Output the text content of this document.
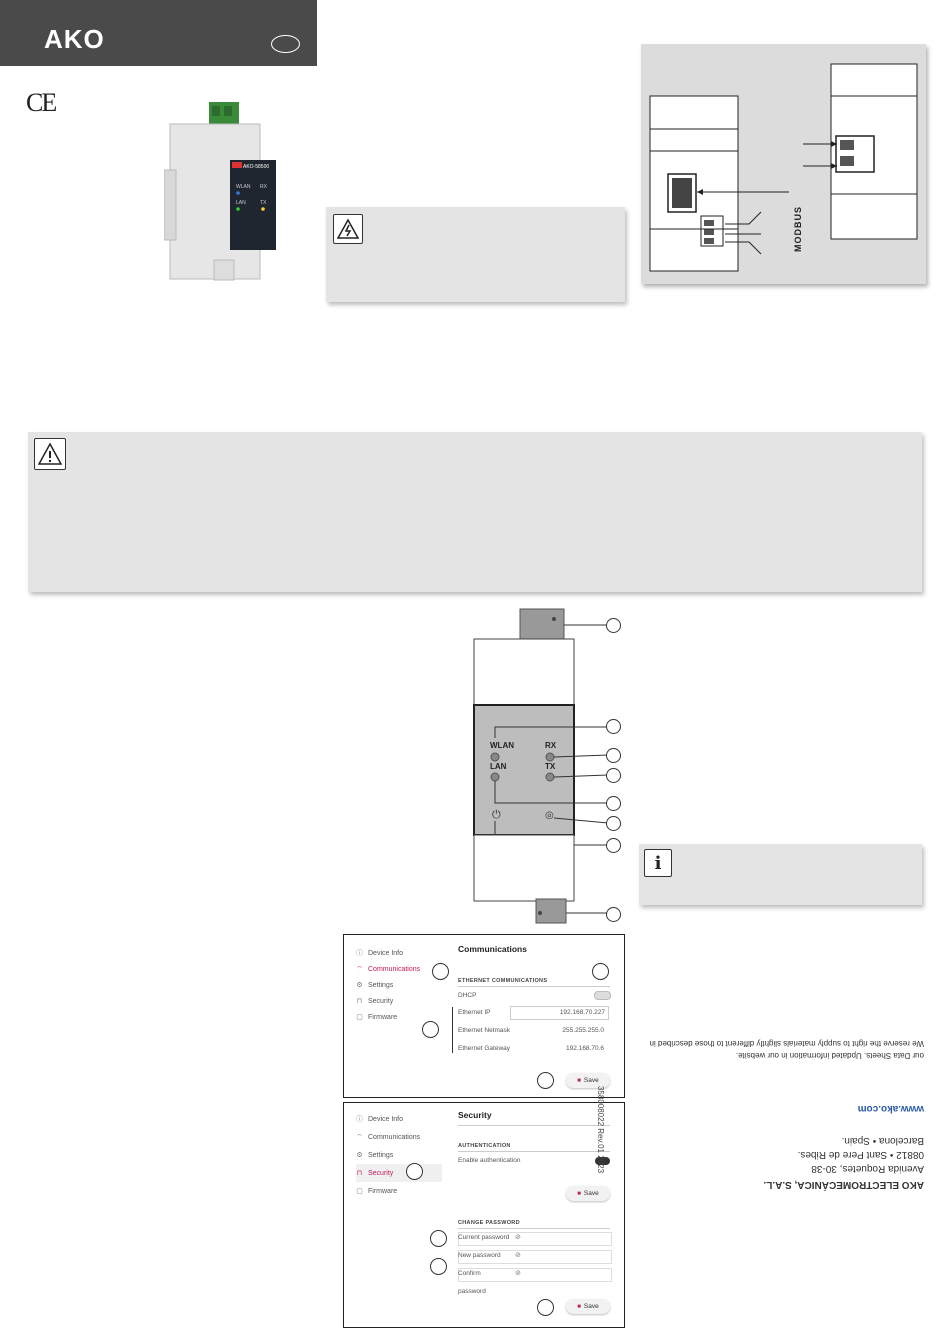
AKO
CE
AKO-58500
WLAN RX
LAN	TX
MODBUS
⏻	◎
WLAN	RX
LAN	TX
i
ⓘ Device Info
⌔ Communications
⚙ Settings
⊓ Security
▢ Firmware
Communications
ETHERNET COMMUNICATIONS
DHCP
Ethernet IP	192.168.70.227
Ethernet Netmask	255.255.255.0
Ethernet Gateway	192.168.70.6
■ Save
ⓘ Device Info
⌔ Communications
⚙ Settings
⊓ Security
▢ Firmware
Security
AUTHENTICATION
Enable authentication
■ Save
CHANGE PASSWORD
Current password ⊘
New password ⊘
Confirm
password
⊘
■ Save
AKO ELECTROMECÁNICA, S.A.L.
Avenida Roquetes, 30-38
08812 • Sant Pere de Ribes.
Barcelona • Spain.
www.ako.com
our Data Sheets. Updated information in our website.
We reserve the right to supply materials slightly different to those described in
358008022 Rev.01 2023
